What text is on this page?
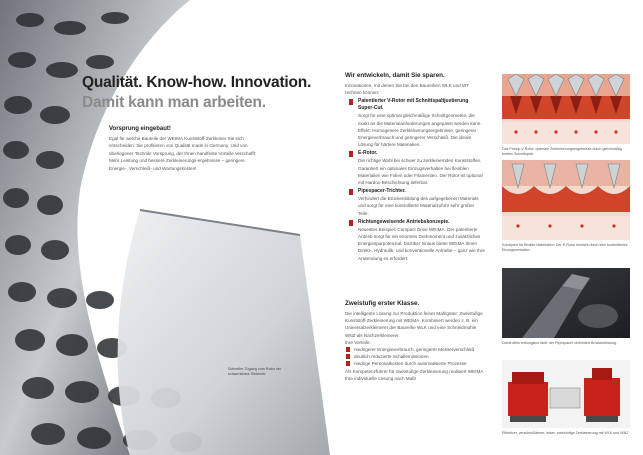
Qualität. Know-how. Innovation.
Damit kann man arbeiten.
Vorsprung eingebaut!
Egal für welche Bauteile der WEIMA Kunststoff-Zerkleiner Sie sich entscheiden: Sie profitieren von Qualität made in Germany. Und von überlegener Technik! Vorsprung, der Ihnen handfeste Vorteile verschafft: Mehr Leistung und bessere Zerkleinerungs-ergebnisse – geringere Energie-, Verschleiß- und Wartungskosten!
Schneller Zugang zum Rotor der schwenkbare Siebkorb.
Wir entwickeln, damit Sie sparen.
Innovationen, mit denen Sie bei den Baureihen WLK und WT rechnen können:
Patentierter V-Rotor mit Schnittspaltjustierung Super-Cut.
Sorgt für eine optimal gleichmäßige Schnittgeometrie, die exakt an die Materialanforderungen angepasst werden kann. Effekt: Homogenere Zerkleinerungsergebnisse, geringerer Energieverbrauch und geringerer Verschleiß. Die ideale Lösung für härtere Materialien.
E-Rotor.
Die richtige Wahl bei schwer zu zerkleinernden Kunststoffen. Garantiert ein optimales Einzugsverhalten bei flexiblen Materialien wie Folien oder Filamenten. Der Rotor ist optional mit Hardox-Beschichtung lieferbar.
Pipespacer-Trichter.
Verhindert die Brückenbildung des aufgegebenen Materials und sorgt für eine kontrollierte Materialzufuhr sehr großer Teile.
Richtungsweisende Antriebskonzepte.
Neuestes Beispiel: Compact Drive WEIMA. Der patentierte Antrieb sorgt für ein enormes Drehmoment und zusätzliches Energiesparpotenzial. Darüber hinaus bietet WEIMA Ihnen Direkt-, Hydraulik- und konventionelle Antriebe – ganz wie Ihre Anwendung es erfordert.
Zweistufig erster Klasse.
Die intelligente Lösung zur Produktion feiner Mahlgüter: Zweistufige Kunststoff-Zerkleinerung mit WEIMA. Kombiniert werden z. B. ein Universalzerkleinerer der Baureihe WLK und eine Schneidmühle WNZ als Nachzerkleinerer.
Ihre Vorteile:
niedrigerer Energieverbrauch, geringerer Messerverschleiß
deutlich reduzierte Schallemissionen
niedrige Personalkosten durch automatisierte Prozesse
Als Kompetenzführer für zweistufige Zerkleinerung realisiert WEIMA Ihre individuelle Lösung nach Maß!
Das Prinzip V-Rotor: optimale Zerkleinerungsergebnisse durch gleichmäßig breiten Schnittspalt.
Konzipiert für flexible Materialien: Der E-Rotor besticht durch sein kontrolliertes Einzugsverhalten.
Damit alles reibungslos läuft: der Pipespacer verhindert Brückenbildung.
Effektiver, verschleißärmer, leiser: zweistufige Zerkleinerung mit WLK und WNZ.
